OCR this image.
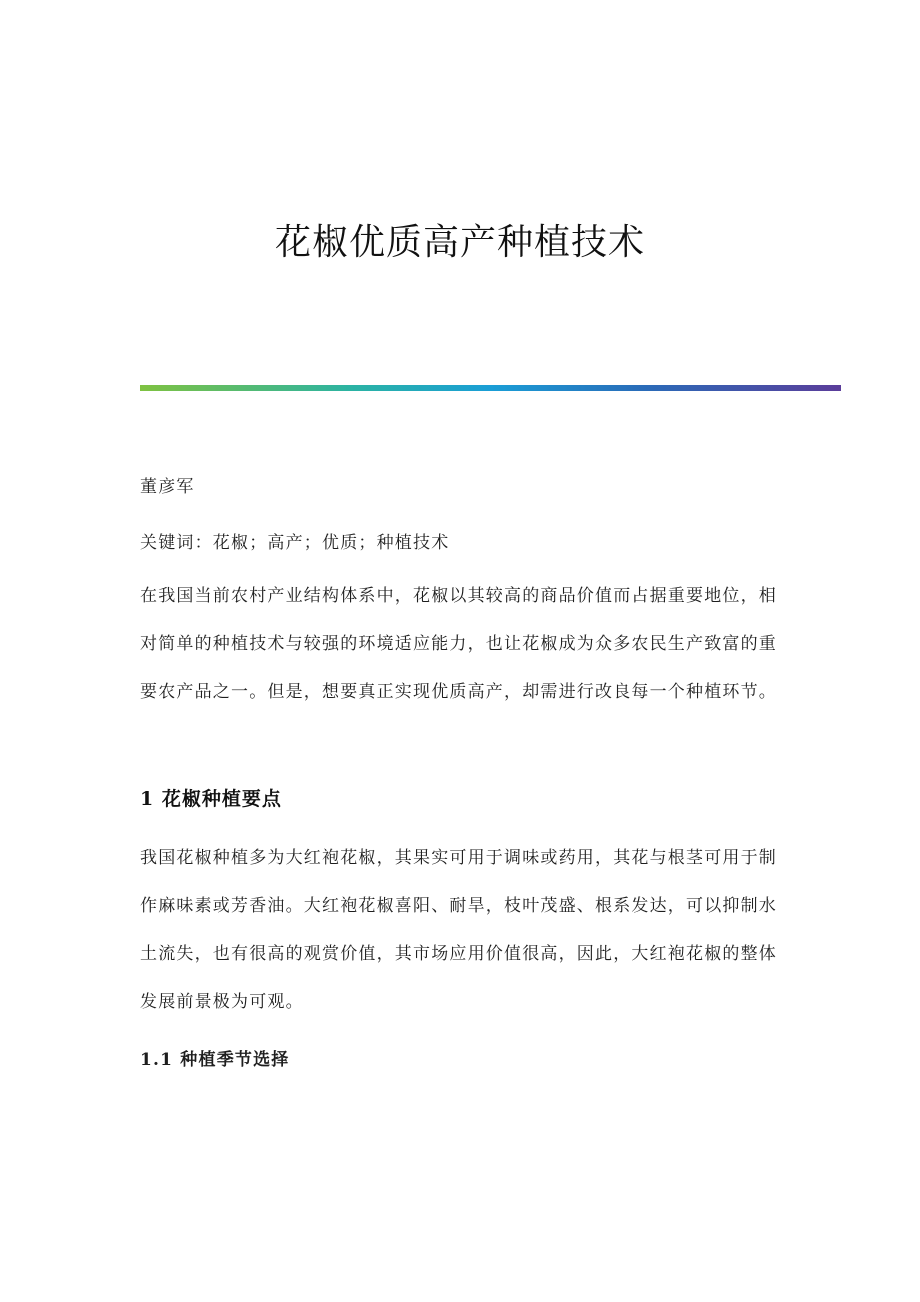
花椒优质高产种植技术

董彦军

关键词：花椒；高产；优质；种植技术

在我国当前农村产业结构体系中，花椒以其较高的商品价值而占据重要地位，相对简单的种植技术与较强的环境适应能力，也让花椒成为众多农民生产致富的重要农产品之一。但是，想要真正实现优质高产，却需进行改良每一个种植环节。

1 花椒种植要点

我国花椒种植多为大红袍花椒，其果实可用于调味或药用，其花与根茎可用于制作麻味素或芳香油。大红袍花椒喜阳、耐旱，枝叶茂盛、根系发达，可以抑制水土流失，也有很高的观赏价值，其市场应用价值很高，因此，大红袍花椒的整体发展前景极为可观。

1.1 种植季节选择
